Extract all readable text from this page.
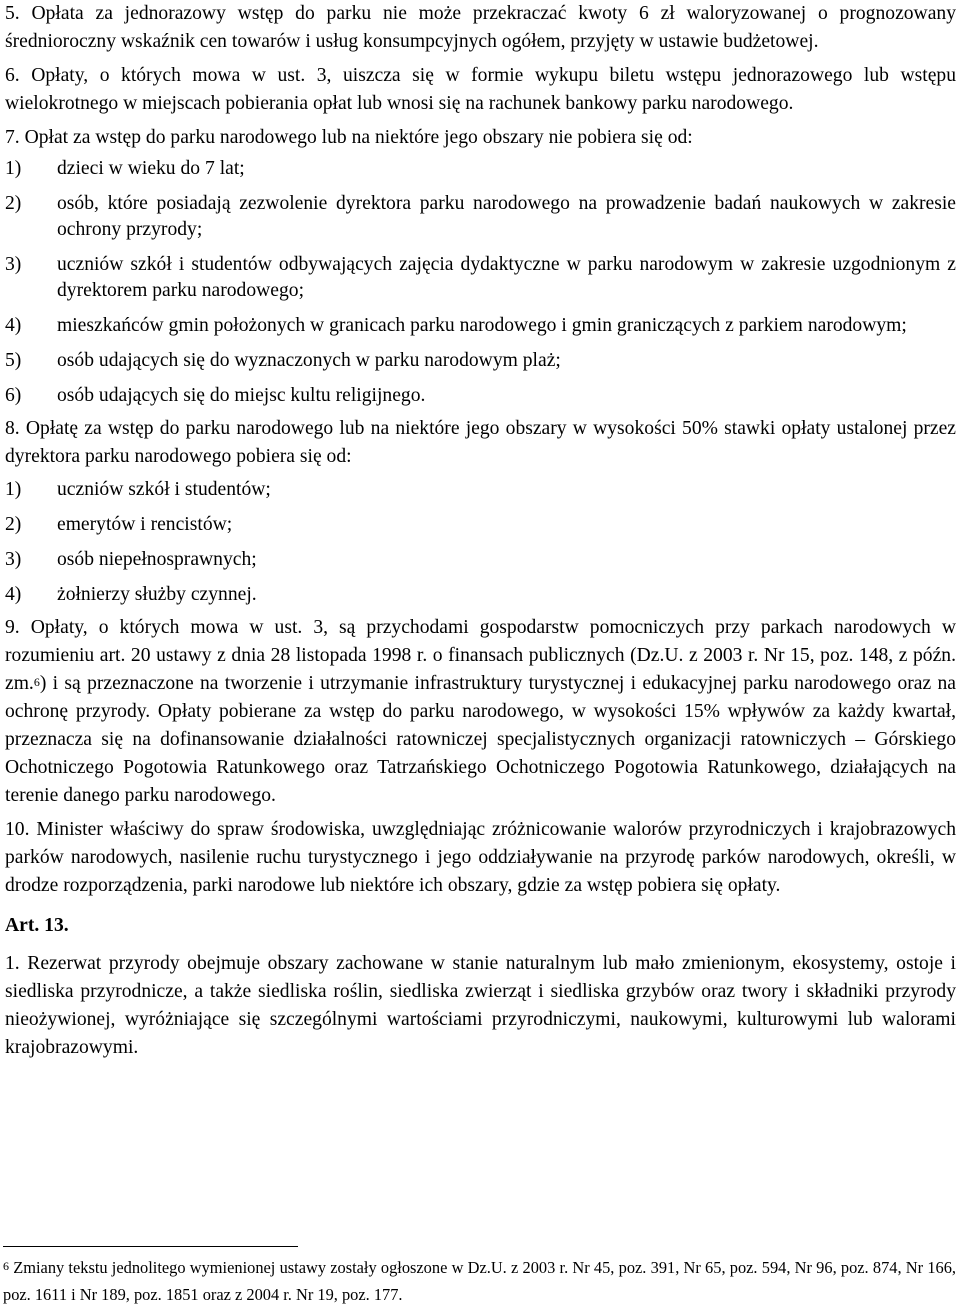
5. Opłata za jednorazowy wstęp do parku nie może przekraczać kwoty 6 zł waloryzowanej o prognozowany średnioroczny wskaźnik cen towarów i usług konsumpcyjnych ogółem, przyjęty w ustawie budżetowej.

6. Opłaty, o których mowa w ust. 3, uiszcza się w formie wykupu biletu wstępu jednorazowego lub wstępu wielokrotnego w miejscach pobierania opłat lub wnosi się na rachunek bankowy parku narodowego.

7. Opłat za wstęp do parku narodowego lub na niektóre jego obszary nie pobiera się od:

1)	dzieci w wieku do 7 lat;
2)	osób, które posiadają zezwolenie dyrektora parku narodowego na prowadzenie badań naukowych w zakresie ochrony przyrody;
3)	uczniów szkół i studentów odbywających zajęcia dydaktyczne w parku narodowym w zakresie uzgodnionym z dyrektorem parku narodowego;
4)	mieszkańców gmin położonych w granicach parku narodowego i gmin graniczących z parkiem narodowym;
5)	osób udających się do wyznaczonych w parku narodowym plaż;
6)	osób udających się do miejsc kultu religijnego.

8. Opłatę za wstęp do parku narodowego lub na niektóre jego obszary w wysokości 50% stawki opłaty ustalonej przez dyrektora parku narodowego pobiera się od:

1)	uczniów szkół i studentów;
2)	emerytów i rencistów;
3)	osób niepełnosprawnych;
4)	żołnierzy służby czynnej.

9. Opłaty, o których mowa w ust. 3, są przychodami gospodarstw pomocniczych przy parkach narodowych w rozumieniu art. 20 ustawy z dnia 28 listopada 1998 r. o finansach publicznych (Dz.U. z 2003 r. Nr 15, poz. 148, z późn. zm.$^6$) i są przeznaczone na tworzenie i utrzymanie infrastruktury turystycznej i edukacyjnej parku narodowego oraz na ochronę przyrody. Opłaty pobierane za wstęp do parku narodowego, w wysokości 15% wpływów za każdy kwartał, przeznacza się na dofinansowanie działalności ratowniczej specjalistycznych organizacji ratowniczych – Górskiego Ochotniczego Pogotowia Ratunkowego oraz Tatrzańskiego Ochotniczego Pogotowia Ratunkowego, działających na terenie danego parku narodowego.

10. Minister właściwy do spraw środowiska, uwzględniając zróżnicowanie walorów przyrodniczych i krajobrazowych parków narodowych, nasilenie ruchu turystycznego i jego oddziaływanie na przyrodę parków narodowych, określi, w drodze rozporządzenia, parki narodowe lub niektóre ich obszary, gdzie za wstęp pobiera się opłaty.

Art. 13.

1. Rezerwat przyrody obejmuje obszary zachowane w stanie naturalnym lub mało zmienionym, ekosystemy, ostoje i siedliska przyrodnicze, a także siedliska roślin, siedliska zwierząt i siedliska grzybów oraz twory i składniki przyrody nieożywionej, wyróżniające się szczególnymi wartościami przyrodniczymi, naukowymi, kulturowymi lub walorami krajobrazowymi.

$^6$ Zmiany tekstu jednolitego wymienionej ustawy zostały ogłoszone w Dz.U. z 2003 r. Nr 45, poz. 391, Nr 65, poz. 594, Nr 96, poz. 874, Nr 166, poz. 1611 i Nr 189, poz. 1851 oraz z 2004 r. Nr 19, poz. 177.
